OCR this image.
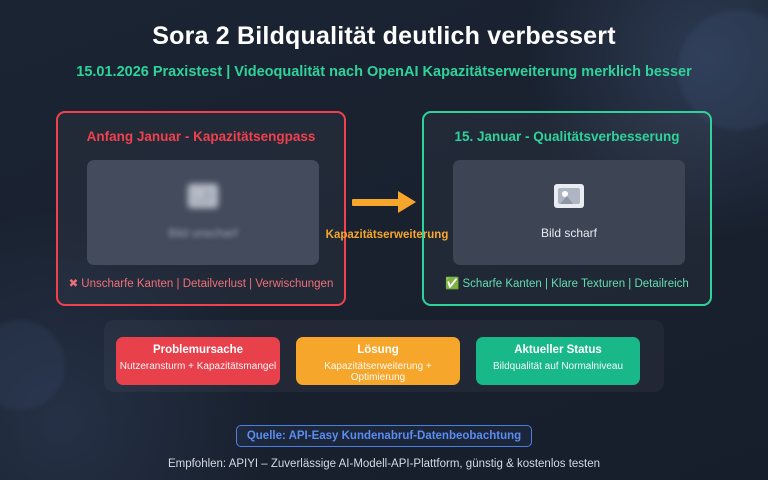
Sora 2 Bildqualität deutlich verbessert
15.01.2026 Praxistest | Videoqualität nach OpenAI Kapazitätserweiterung merklich besser
Anfang Januar - Kapazitätsengpass
Bild unscharf
✖ Unscharfe Kanten | Detailverlust | Verwischungen
Kapazitätserweiterung
15. Januar - Qualitätsverbesserung
Bild scharf
✅ Scharfe Kanten | Klare Texturen | Detailreich
Problemursache
Nutzeransturm + Kapazitätsmangel
Lösung
Kapazitätserweiterung + Optimierung
Aktueller Status
Bildqualität auf Normalniveau
Quelle: API-Easy Kundenabruf-Datenbeobachtung
Empfohlen: APIYI – Zuverlässige AI-Modell-API-Plattform, günstig & kostenlos testen
